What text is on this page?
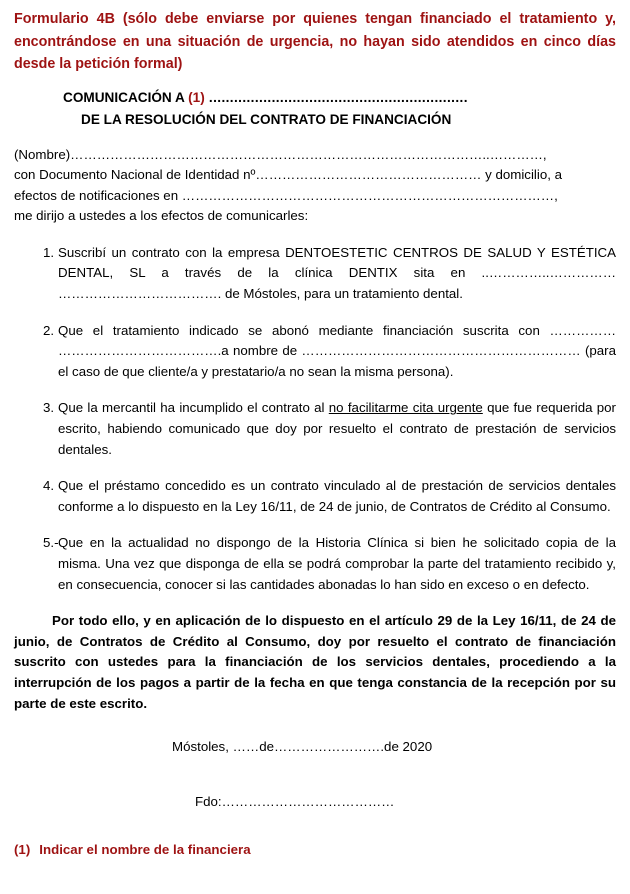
Formulario 4B (sólo debe enviarse por quienes tengan financiado el tratamiento y, encontrándose en una situación de urgencia, no hayan sido atendidos en cinco días desde la petición formal)

COMUNICACIÓN A (1) ..............................................................
DE LA RESOLUCIÓN DEL CONTRATO DE FINANCIACIÓN
(Nombre)…………………………………………………………………………………..…………,
con Documento Nacional de Identidad nº…………………………………………… y domicilio, a
efectos de notificaciones en …………………………………………………………………………,
me dirijo a ustedes a los efectos de comunicarles:
1. Suscribí un contrato con la empresa DENTOESTETIC CENTROS DE SALUD Y ESTÉTICA DENTAL, SL a través de la clínica DENTIX sita en ..…………..…………… ………………………………. de Móstoles, para un tratamiento dental.
2. Que el tratamiento indicado se abonó mediante financiación suscrita con …………… ……………………………….a nombre de ……………………………………………………… (para el caso de que cliente/a y prestatario/a no sean la misma persona).
3. Que la mercantil ha incumplido el contrato al no facilitarme cita urgente que fue requerida por escrito, habiendo comunicado que doy por resuelto el contrato de prestación de servicios dentales.
4. Que el préstamo concedido es un contrato vinculado al de prestación de servicios dentales conforme a lo dispuesto en la Ley 16/11, de 24 de junio, de Contratos de Crédito al Consumo.
5.- Que en la actualidad no dispongo de la Historia Clínica si bien he solicitado copia de la misma. Una vez que disponga de ella se podrá comprobar la parte del tratamiento recibido y, en consecuencia, conocer si las cantidades abonadas lo han sido en exceso o en defecto.

Por todo ello, y en aplicación de lo dispuesto en el artículo 29 de la Ley 16/11, de 24 de junio, de Contratos de Crédito al Consumo, doy por resuelto el contrato de financiación suscrito con ustedes para la financiación de los servicios dentales, procediendo a la interrupción de los pagos a partir de la fecha en que tenga constancia de la recepción por su parte de este escrito.

Móstoles, ……de…………………….de 2020
Fdo:…………………………………
(1) Indicar el nombre de la financiera
